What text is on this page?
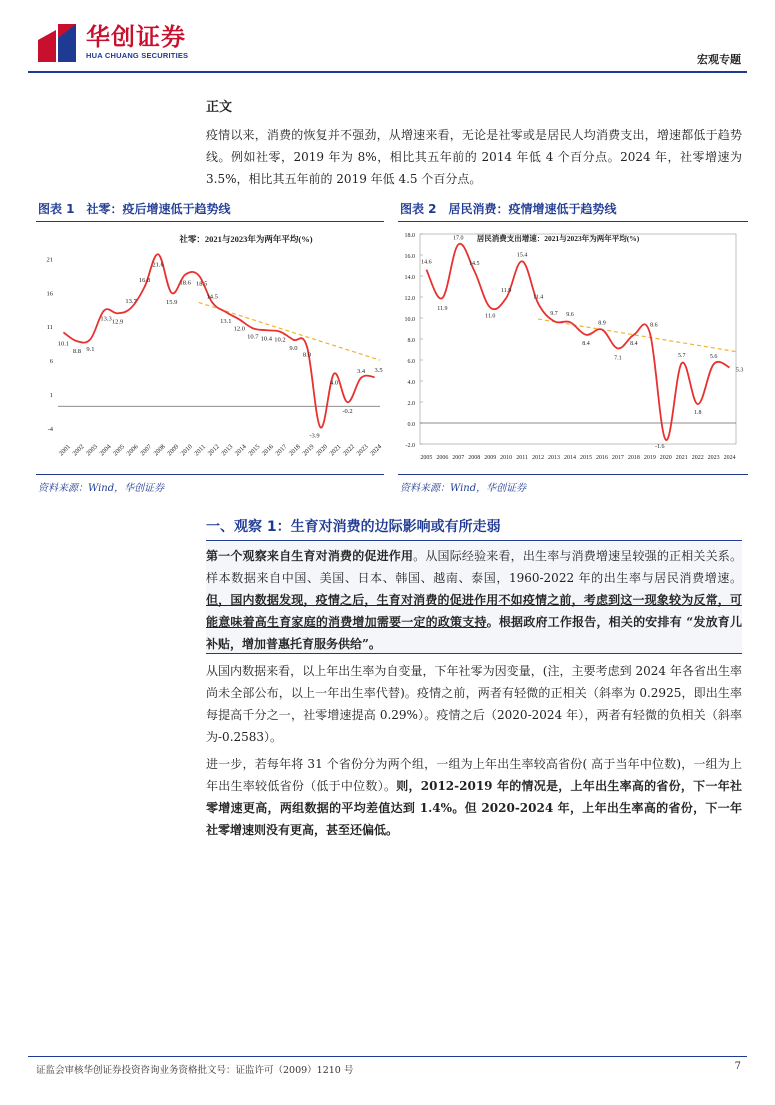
华创证券
HUA CHUANG SECURITIES	宏观专题
正文

疫情以来，消费的恢复并不强劲，从增速来看，无论是社零或是居民人均消费支出，增速都低于趋势线。例如社零，2019 年为 8%，相比其五年前的 2014 年低 4 个百分点。2024 年，社零增速为 3.5%，相比其五年前的 2019 年低 4.5 个百分点。

图表 1　社零：疫后增速低于趋势线
-4
1
6
11
16
21
2001 2002 2003 2004 2005 2006 2007 2008 2009 2010 2011 2012 2013 2014 2015 2016 2017 2018 2019 2020 2021 2022 2023 2024
社零：2021与2023年为两年平均(%)
10.1
8.8 9.1
13.3 12.9
13.7
16.8
21.6
15.9
18.6 18.5
14.5
13.1
12.0
10.7 10.4 10.2
9.0
8.0
-3.9
4.0
-0.2
3.4 3.5
资料来源：Wind，华创证券
图表 2　居民消费：疫情增速低于趋势线
-2.0
0.0
2.0
4.0
6.0
8.0
10.0
12.0
14.0
16.0
18.0
2005 2006 2007 2008 2009 2010 2011 2012 2013 2014 2015 2016 2017 2018 2019 2020 2021 2022 2023 2024
居民消费支出增速：2021与2023年为两年平均(%)
14.6
11.9
17.0
14.5
11.0
11.9
15.4
11.4
9.7 9.6
8.4
8.9
7.1
8.4
8.6
-1.6
5.7
1.8
5.6
5.3
资料来源：Wind，华创证券
一、观察 1：生育对消费的边际影响或有所走弱

第一个观察来自生育对消费的促进作用。从国际经验来看，出生率与消费增速呈较强的正相关关系。样本数据来自中国、美国、日本、韩国、越南、泰国，1960-2022 年的出生率与居民消费增速。但，国内数据发现，疫情之后，生育对消费的促进作用不如疫情之前，考虑到这一现象较为反常，可能意味着高生育家庭的消费增加需要一定的政策支持。根据政府工作报告，相关的安排有 “发放育儿补贴，增加普惠托育服务供给”。

从国内数据来看，以上年出生率为自变量，下年社零为因变量，(注，主要考虑到 2024 年各省出生率尚未全部公布，以上一年出生率代替)。疫情之前，两者有轻微的正相关（斜率为 0.2925，即出生率每提高千分之一，社零增速提高 0.29%）。疫情之后（2020-2024 年），两者有轻微的负相关（斜率为-0.2583）。

进一步，若每年将 31 个省份分为两个组，一组为上年出生率较高省份( 高于当年中位数)，一组为上年出生率较低省份（低于中位数）。则，2012-2019 年的情况是，上年出生率高的省份，下一年社零增速更高，两组数据的平均差值达到 1.4%。但 2020-2024 年，上年出生率高的省份，下一年社零增速则没有更高，甚至还偏低。

证监会审核华创证券投资咨询业务资格批文号：证监许可（2009）1210 号	7
